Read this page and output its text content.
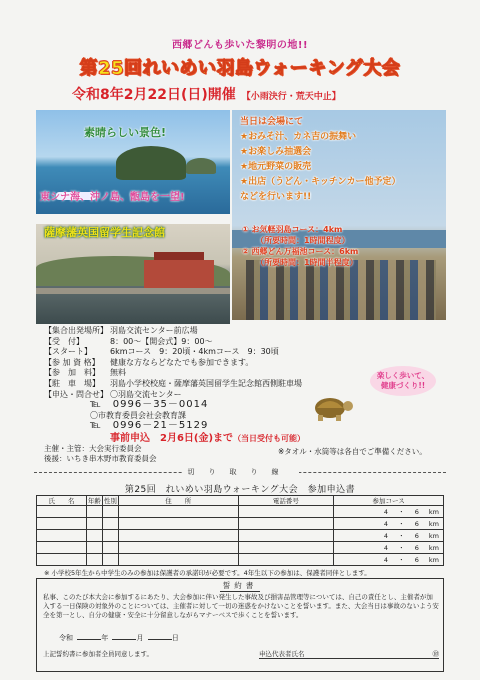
西郷どんも歩いた黎明の地!!
第25回れいめい羽島ウォーキング大会
令和8年2月22日(日)開催 【小雨決行・荒天中止】
素晴らしい景色!
東シナ海、沖ノ島、甑島を一望!
薩摩藩英国留学生記念館
当日は会場にて
★おみそ汁、カネ吉の振舞い
★お楽しみ抽選会
★地元野菜の販売
★出店（うどん・キッチンカー他予定）
などを行います!!
① お気軽羽島コース：4km
（所要時間：1時間程度）
② 西郷どん万福池コース：6km
（所要時間：1時間半程度）
【集合出発場所】 羽島交流センター前広場
【受　付】	8：00～【開会式】9：00～
【スタート】 6kmコース　9：20頃・4kmコース　9：30頃
【参 加 資 格】 健康な方ならどなたでも参加できます。
【参　加　料】 無料
【駐　車　場】 羽島小学校校庭・薩摩藩英国留学生記念館西側駐車場
【申込・問合せ】 〇羽島交流センター
℡　0996－35－0014
〇市教育委員会社会教育課
℡　0996－21－5129
事前申込　2月6日(金)まで（当日受付も可能）
楽しく歩いて、
健康づくり!!
主催・主管：大会実行委員会
後援：いちき串木野市教育委員会
※タオル・水筒等は各自でご準備ください。
切り取り線
第25回　れいめい羽島ウォーキング大会　参加申込書
氏　　名	年齢	性別	住　　所	電話番号	参加コース
					4 ・ 6 km
					4 ・ 6 km
					4 ・ 6 km
					4 ・ 6 km
					4 ・ 6 km
※ 小学校5年生から中学生のみの参加は保護者の承諾印が必要です。4年生以下の参加は、保護者同伴とします。
誓約書
私事、このたび本大会に参加するにあたり、大会参加に伴い発生した事故及び損害品管理等については、自己の責任とし、主催者が加入する一日保険の対象外のことについては、主催者に対して一切の迷惑をかけないことを誓います。また、大会当日は事故のないよう安全を第一とし、自分の健康・安全に十分留意しながらマナーベスで歩くことを誓います。
令和	年	月	日
上記誓約書に参加者全員同意します。	申込代表者氏名	㊞
